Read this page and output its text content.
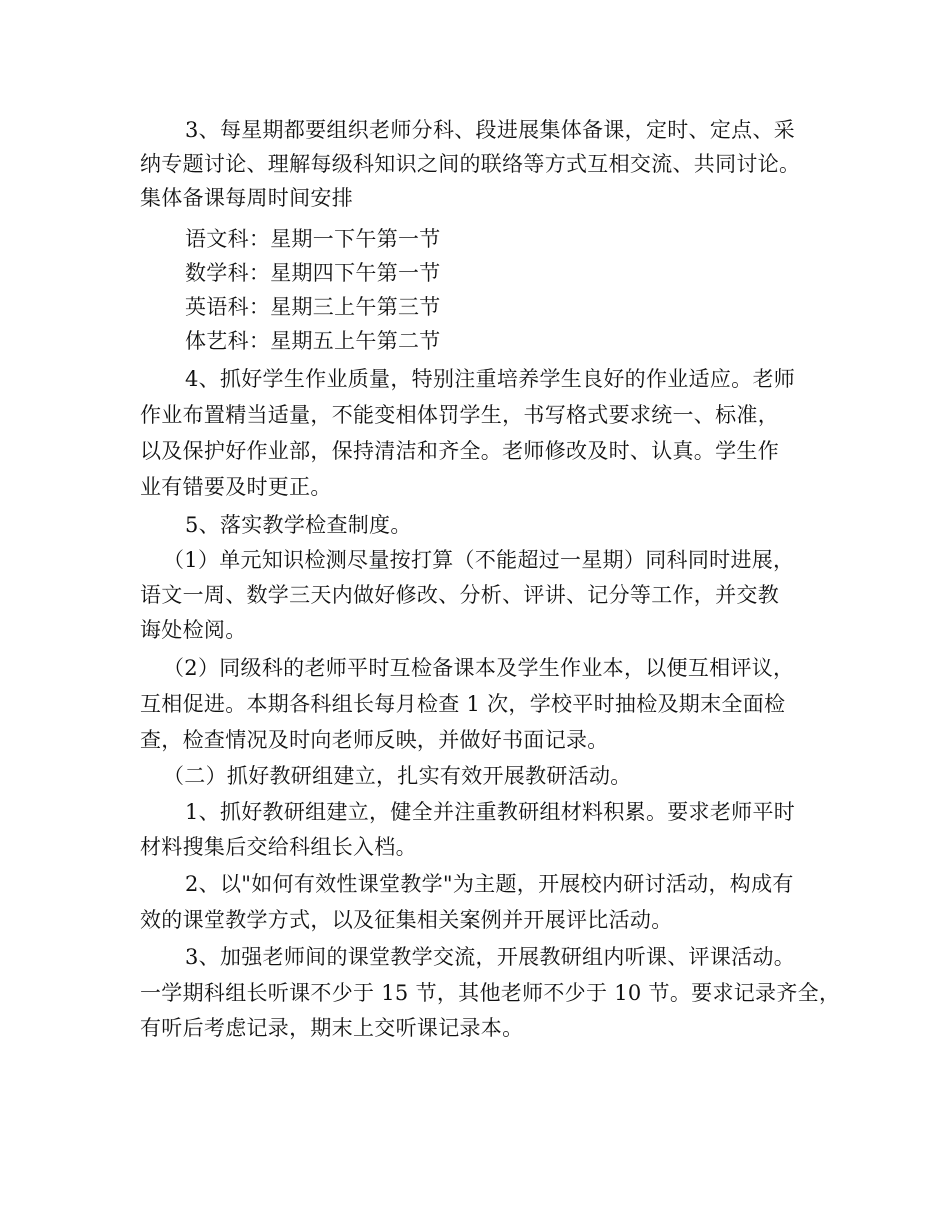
3、每星期都要组织老师分科、段进展集体备课，定时、定点、采
纳专题讨论、理解每级科知识之间的联络等方式互相交流、共同讨论。
集体备课每周时间安排
语文科：星期一下午第一节
数学科：星期四下午第一节
英语科：星期三上午第三节
体艺科：星期五上午第二节
4、抓好学生作业质量，特别注重培养学生良好的作业适应。老师
作业布置精当适量，不能变相体罚学生，书写格式要求统一、标准，
以及保护好作业部，保持清洁和齐全。老师修改及时、认真。学生作
业有错要及时更正。
5、落实教学检查制度。
（1）单元知识检测尽量按打算（不能超过一星期）同科同时进展，
语文一周、数学三天内做好修改、分析、评讲、记分等工作，并交教
诲处检阅。
（2）同级科的老师平时互检备课本及学生作业本，以便互相评议，
互相促进。本期各科组长每月检查 1 次，学校平时抽检及期末全面检
查，检查情况及时向老师反映，并做好书面记录。
（二）抓好教研组建立，扎实有效开展教研活动。
1、抓好教研组建立，健全并注重教研组材料积累。要求老师平时
材料搜集后交给科组长入档。
2、以"如何有效性课堂教学"为主题，开展校内研讨活动，构成有
效的课堂教学方式，以及征集相关案例并开展评比活动。
3、加强老师间的课堂教学交流，开展教研组内听课、评课活动。
一学期科组长听课不少于 15 节，其他老师不少于 10 节。要求记录齐全，
有听后考虑记录，期末上交听课记录本。
